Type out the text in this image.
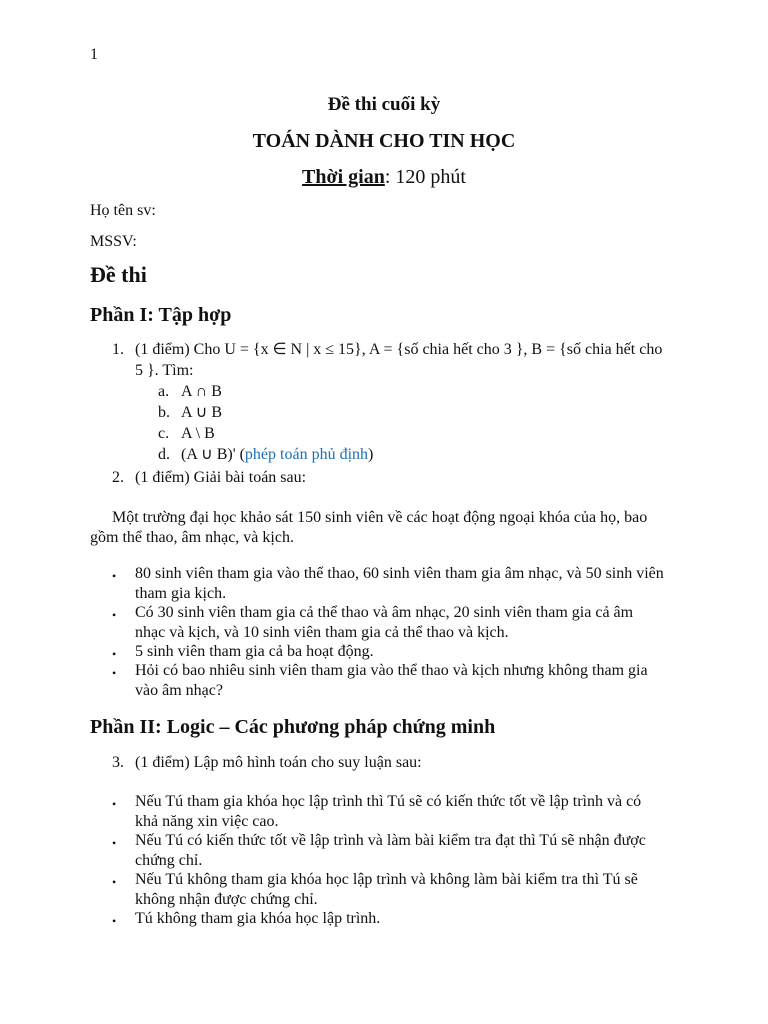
1
Đề thi cuối kỳ
TOÁN DÀNH CHO TIN HỌC
Thời gian: 120 phút
Họ tên sv:
MSSV:
Đề thi
Phần I: Tập hợp
1. (1 điểm) Cho U = {x ∈ N | x ≤ 15}, A = {số chia hết cho 3 }, B = {số chia hết cho
5 }. Tìm:
a. A ∩ B
b. A ∪ B
c. A \ B
d. (A ∪ B)' (phép toán phủ định)
2. (1 điểm) Giải bài toán sau:
Một trường đại học khảo sát 150 sinh viên về các hoạt động ngoại khóa của họ, bao
gồm thể thao, âm nhạc, và kịch.
• 80 sinh viên tham gia vào thể thao, 60 sinh viên tham gia âm nhạc, và 50 sinh viên
tham gia kịch.
• Có 30 sinh viên tham gia cả thể thao và âm nhạc, 20 sinh viên tham gia cả âm
nhạc và kịch, và 10 sinh viên tham gia cả thể thao và kịch.
• 5 sinh viên tham gia cả ba hoạt động.
• Hỏi có bao nhiêu sinh viên tham gia vào thể thao và kịch nhưng không tham gia
vào âm nhạc?
Phần II: Logic – Các phương pháp chứng minh
3. (1 điểm) Lập mô hình toán cho suy luận sau:
• Nếu Tú tham gia khóa học lập trình thì Tú sẽ có kiến thức tốt về lập trình và có
khả năng xin việc cao.
• Nếu Tú có kiến thức tốt về lập trình và làm bài kiểm tra đạt thì Tú sẽ nhận được
chứng chỉ.
• Nếu Tú không tham gia khóa học lập trình và không làm bài kiểm tra thì Tú sẽ
không nhận được chứng chỉ.
• Tú không tham gia khóa học lập trình.
